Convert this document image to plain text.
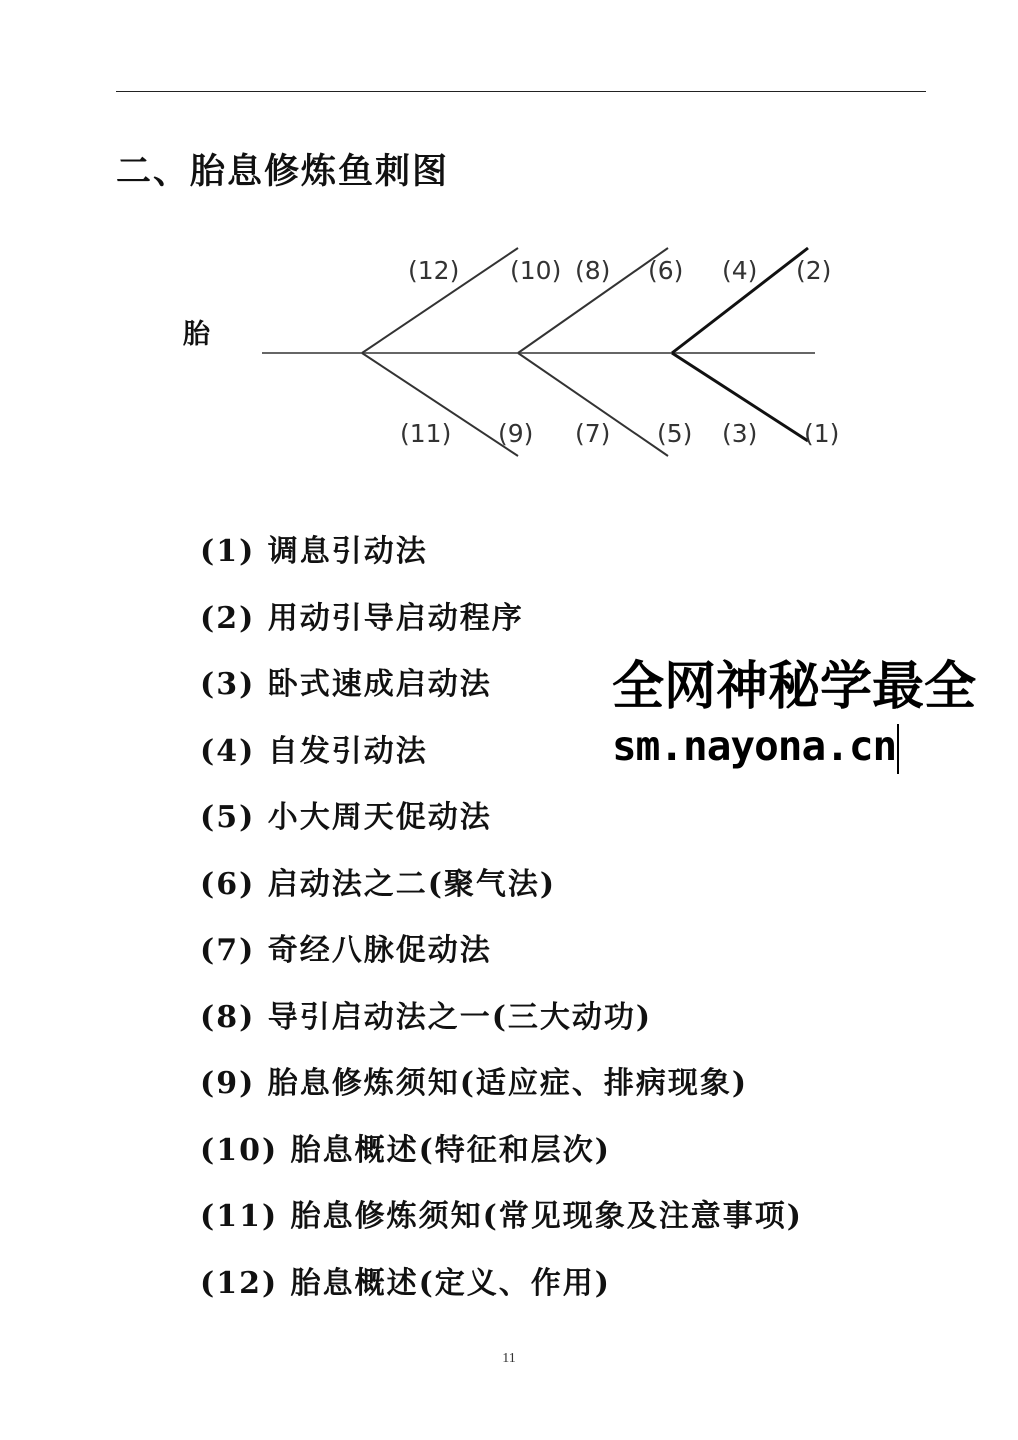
二、胎息修炼鱼刺图
胎
(12) (10) (8) (6) (4) (2)
(11) (9) (7) (5) (3) (1)
(1) 调息引动法
(2) 用动引导启动程序
(3) 卧式速成启动法
(4) 自发引动法
(5) 小大周天促动法
(6) 启动法之二(聚气法)
(7) 奇经八脉促动法
(8) 导引启动法之一(三大动功)
(9) 胎息修炼须知(适应症、排病现象)
(10) 胎息概述(特征和层次)
(11) 胎息修炼须知(常见现象及注意事项)
(12) 胎息概述(定义、作用)
全网神秘学最全
sm.nayona.cn
11
